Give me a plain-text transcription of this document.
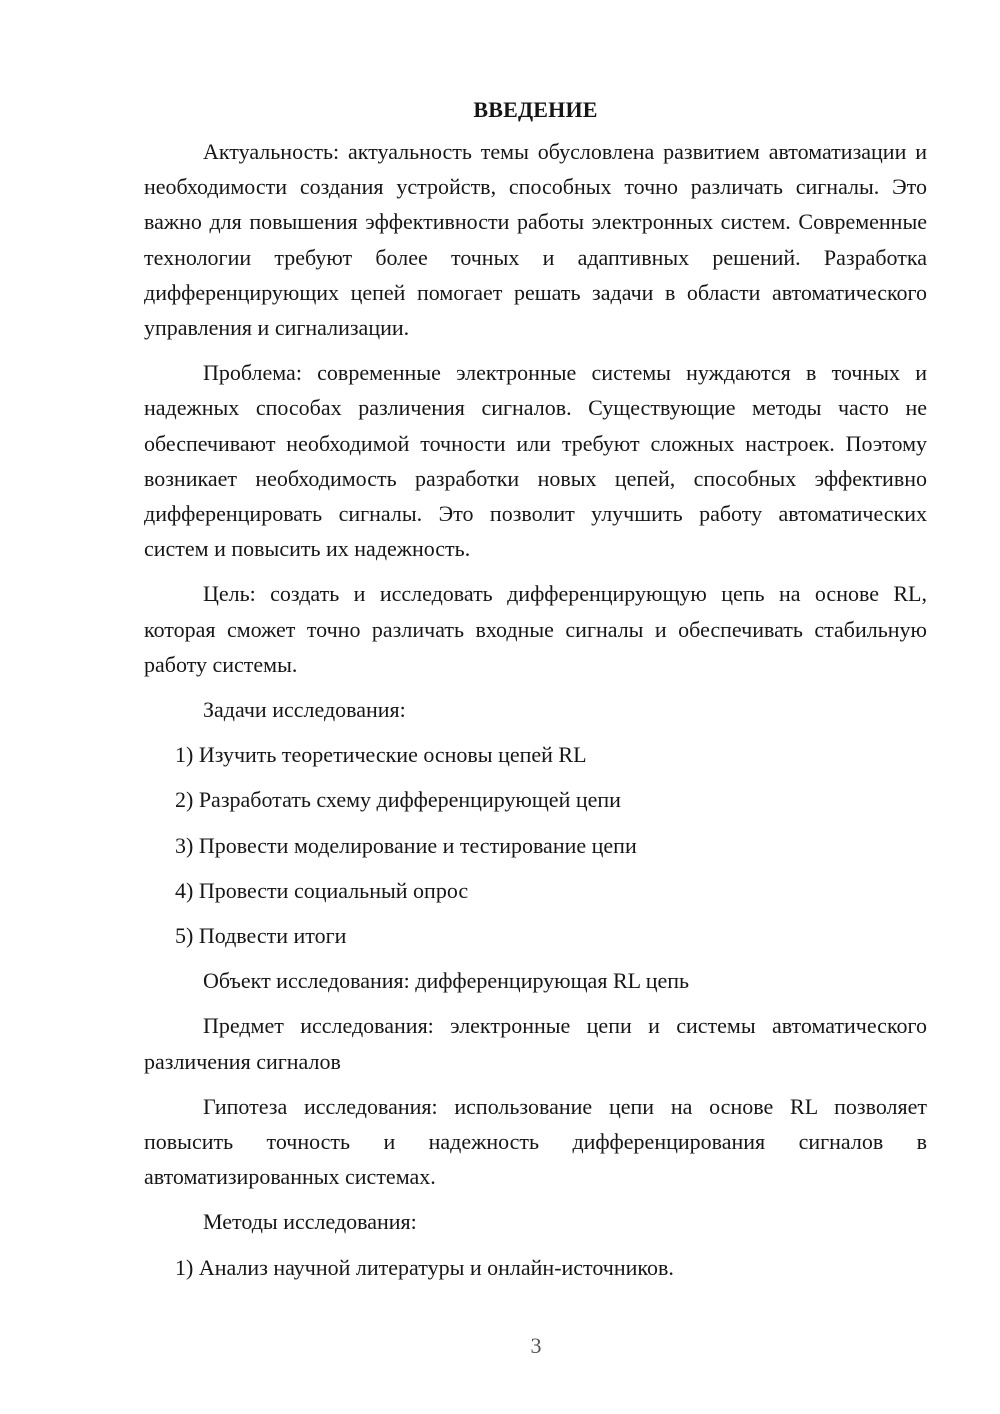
ВВЕДЕНИЕ

Актуальность: актуальность темы обусловлена развитием автоматизации и необходимости создания устройств, способных точно различать сигналы. Это важно для повышения эффективности работы электронных систем. Современные технологии требуют более точных и адаптивных решений. Разработка дифференцирующих цепей помогает решать задачи в области автоматического управления и сигнализации.

Проблема: современные электронные системы нуждаются в точных и надежных способах различения сигналов. Существующие методы часто не обеспечивают необходимой точности или требуют сложных настроек. Поэтому возникает необходимость разработки новых цепей, способных эффективно дифференцировать сигналы. Это позволит улучшить работу автоматических систем и повысить их надежность.

Цель: создать и исследовать дифференцирующую цепь на основе RL, которая сможет точно различать входные сигналы и обеспечивать стабильную работу системы.

Задачи исследования:

1) Изучить теоретические основы цепей RL

2) Разработать схему дифференцирующей цепи

3) Провести моделирование и тестирование цепи

4) Провести социальный опрос

5) Подвести итоги

Объект исследования: дифференцирующая RL цепь

Предмет исследования: электронные цепи и системы автоматического различения сигналов

Гипотеза исследования: использование цепи на основе RL позволяет повысить точность и надежность дифференцирования сигналов в автоматизированных системах.

Методы исследования:

1) Анализ научной литературы и онлайн-источников.

3
